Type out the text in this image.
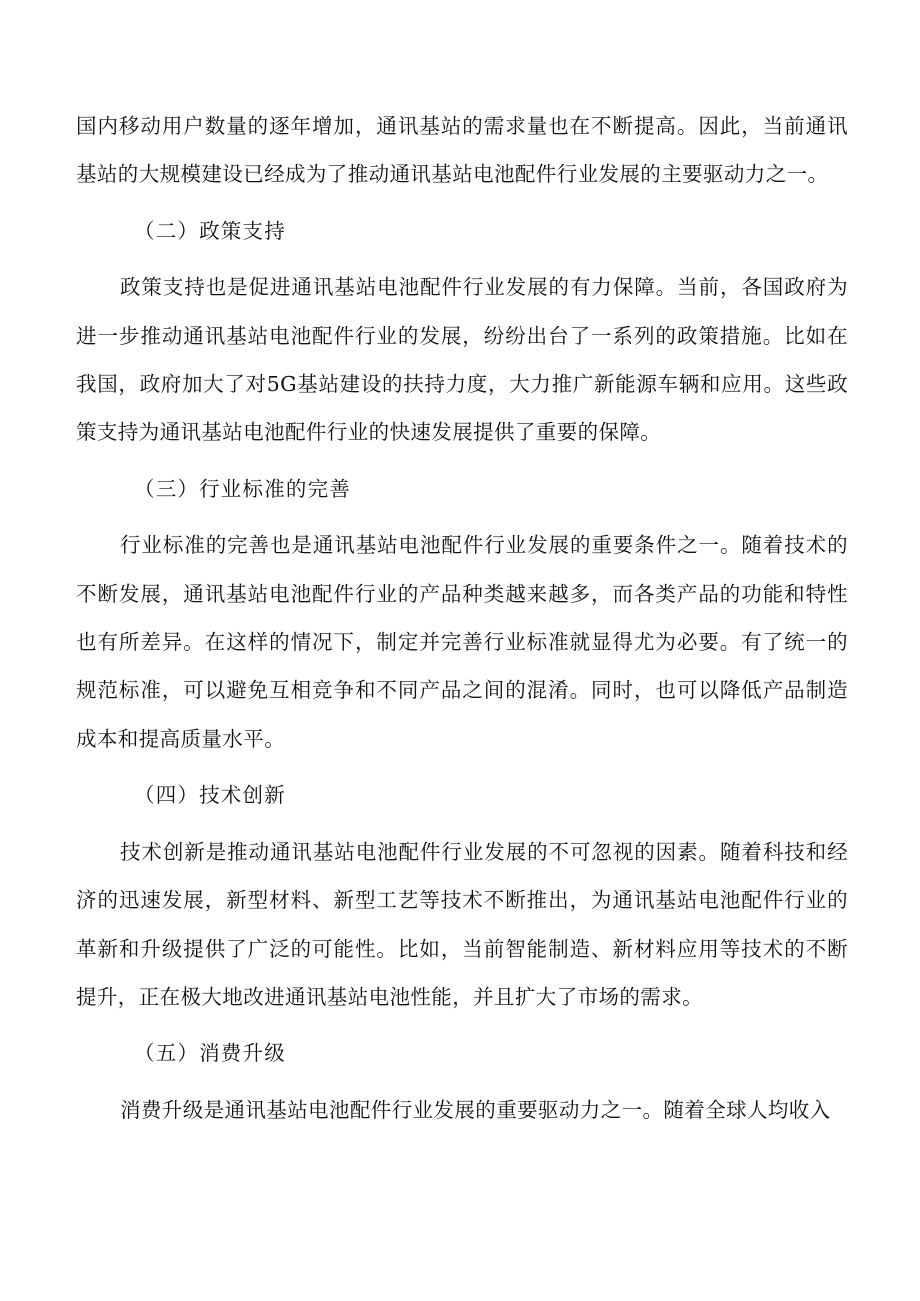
国内移动用户数量的逐年增加，通讯基站的需求量也在不断提高。因此，当前通讯基站的大规模建设已经成为了推动通讯基站电池配件行业发展的主要驱动力之一。

（二）政策支持

政策支持也是促进通讯基站电池配件行业发展的有力保障。当前，各国政府为进一步推动通讯基站电池配件行业的发展，纷纷出台了一系列的政策措施。比如在我国，政府加大了对5G基站建设的扶持力度，大力推广新能源车辆和应用。这些政策支持为通讯基站电池配件行业的快速发展提供了重要的保障。

（三）行业标准的完善

行业标准的完善也是通讯基站电池配件行业发展的重要条件之一。随着技术的不断发展，通讯基站电池配件行业的产品种类越来越多，而各类产品的功能和特性也有所差异。在这样的情况下，制定并完善行业标准就显得尤为必要。有了统一的规范标准，可以避免互相竞争和不同产品之间的混淆。同时，也可以降低产品制造成本和提高质量水平。

（四）技术创新

技术创新是推动通讯基站电池配件行业发展的不可忽视的因素。随着科技和经济的迅速发展，新型材料、新型工艺等技术不断推出，为通讯基站电池配件行业的革新和升级提供了广泛的可能性。比如，当前智能制造、新材料应用等技术的不断提升，正在极大地改进通讯基站电池性能，并且扩大了市场的需求。

（五）消费升级

消费升级是通讯基站电池配件行业发展的重要驱动力之一。随着全球人均收入
